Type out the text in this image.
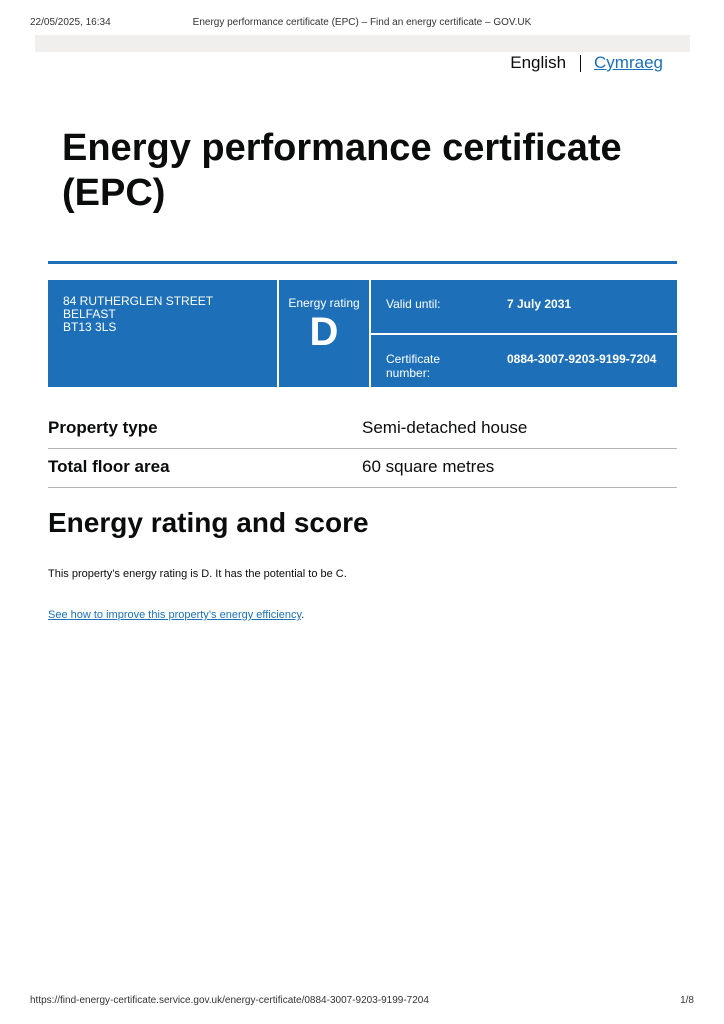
22/05/2025, 16:34	Energy performance certificate (EPC) – Find an energy certificate – GOV.UK
English Cymraeg
Energy performance certificate (EPC)
84 RUTHERGLEN STREET
BELFAST
BT13 3LS
Energy rating
D
Valid until:	7 July 2031
Certificate number:
0884-3007-9203-9199-7204
Property type	Semi-detached house
Total floor area	60 square metres
Energy rating and score

This property’s energy rating is D. It has the potential to be C.

See how to improve this property’s energy efficiency.

https://find-energy-certificate.service.gov.uk/energy-certificate/0884-3007-9203-9199-7204	1/8
